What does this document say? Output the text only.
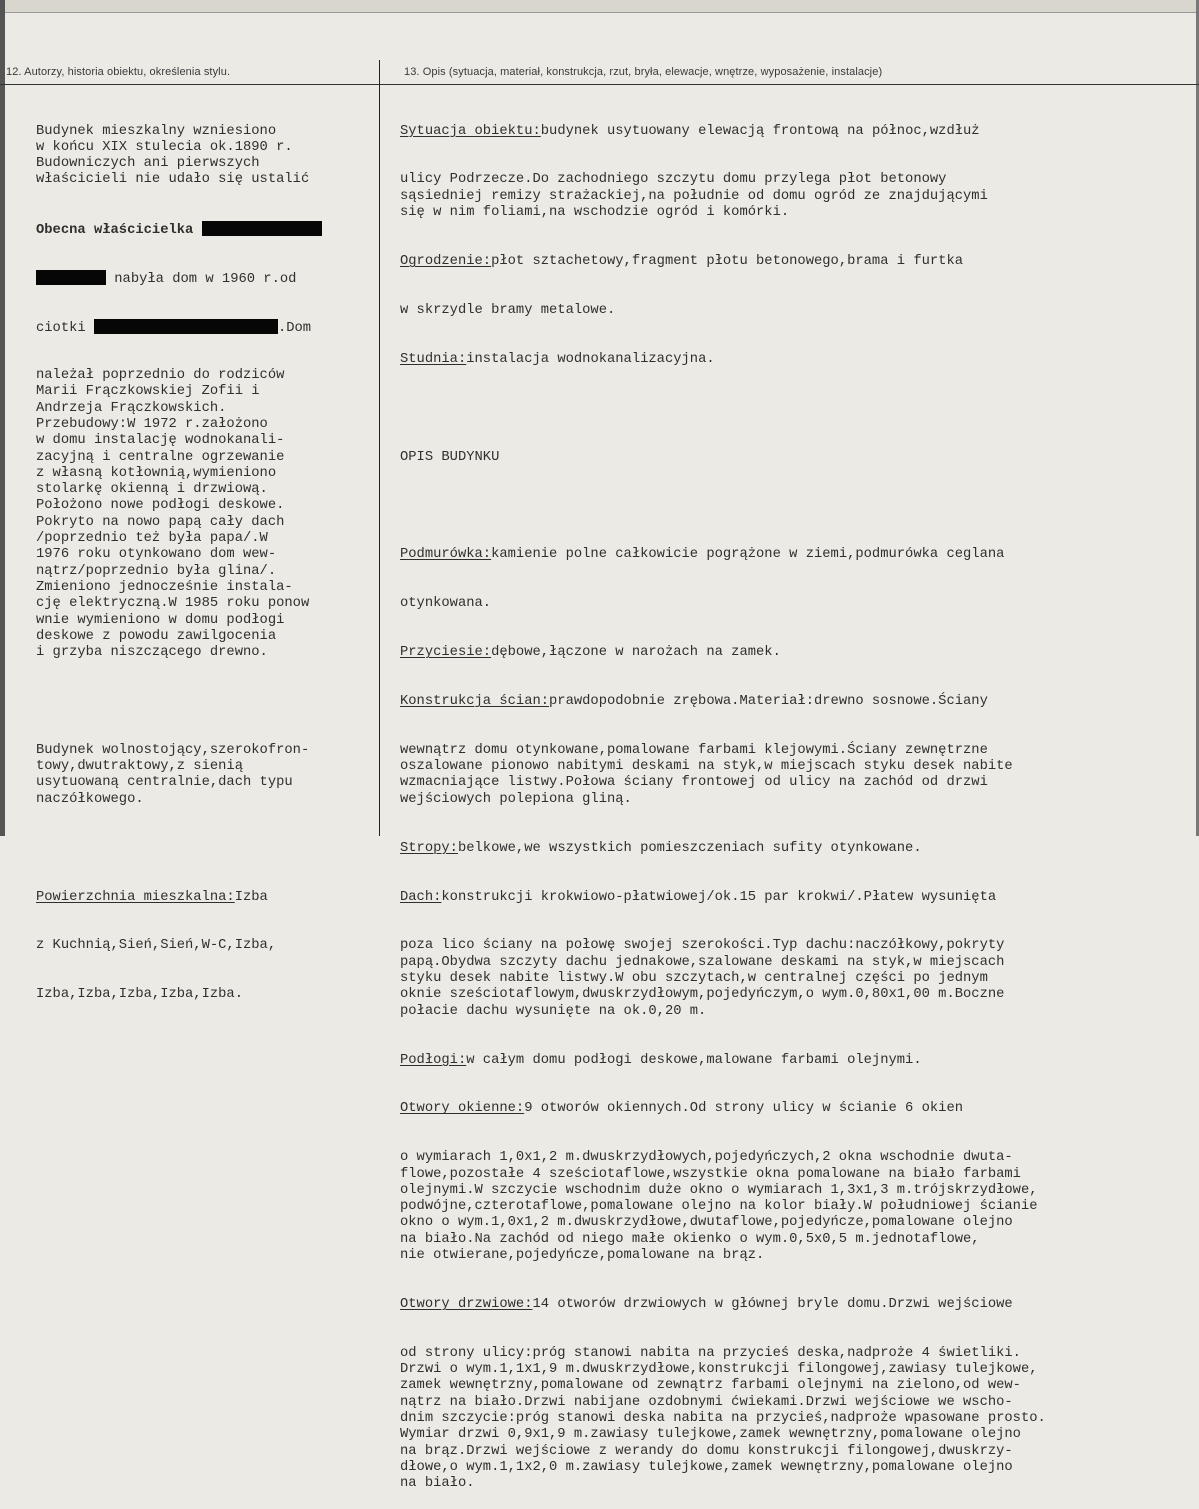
12. Autorzy, historia obiektu, określenia stylu.	13. Opis (sytuacja, materiał, konstrukcja, rzut, bryła, elewacje, wnętrze, wyposażenie, instalacje)

Budynek mieszkalny wzniesiono
w końcu XIX stulecia ok.1890 r.
Budowniczych ani pierwszych
właścicieli nie udało się ustalić

Obecna właścicielka

nabyła dom w 1960 r.od

ciotki	.Dom

należał poprzednio do rodziców
Marii Frączkowskiej Zofii i
Andrzeja Frączkowskich.
Przebudowy:W 1972 r.założono
w domu instalację wodnokanali-
zacyjną i centralne ogrzewanie
z własną kotłownią,wymieniono
stolarkę okienną i drzwiową.
Położono nowe podłogi deskowe.
Pokryto na nowo papą cały dach
/poprzednio też była papa/.W
1976 roku otynkowano dom wew-
nątrz/poprzednio była glina/.
Zmieniono jednocześnie instala-
cję elektryczną.W 1985 roku ponow
wnie wymieniono w domu podłogi
deskowe z powodu zawilgocenia
i grzyba niszczącego drewno.

Budynek wolnostojący,szerokofron-
towy,dwutraktowy,z sienią
usytuowaną centralnie,dach typu
naczółkowego.

Powierzchnia mieszkalna:Izba

z Kuchnią,Sień,Sień,W-C,Izba,

Izba,Izba,Izba,Izba,Izba.

Sytuacja obiektu:budynek usytuowany elewacją frontową na północ,wzdłuż

ulicy Podrzecze.Do zachodniego szczytu domu przylega płot betonowy
sąsiedniej remizy strażackiej,na południe od domu ogród ze znajdującymi
się w nim foliami,na wschodzie ogród i komórki.

Ogrodzenie:płot sztachetowy,fragment płotu betonowego,brama i furtka

w skrzydle bramy metalowe.

Studnia:instalacja wodnokanalizacyjna.

OPIS BUDYNKU

Podmurówka:kamienie polne całkowicie pogrążone w ziemi,podmurówka ceglana

otynkowana.

Przyciesie:dębowe,łączone w narożach na zamek.

Konstrukcja ścian:prawdopodobnie zrębowa.Materiał:drewno sosnowe.Ściany

wewnątrz domu otynkowane,pomalowane farbami klejowymi.Ściany zewnętrzne
oszalowane pionowo nabitymi deskami na styk,w miejscach styku desek nabite
wzmacniające listwy.Połowa ściany frontowej od ulicy na zachód od drzwi
wejściowych polepiona gliną.

Stropy:belkowe,we wszystkich pomieszczeniach sufity otynkowane.

Dach:konstrukcji krokwiowo-płatwiowej/ok.15 par krokwi/.Płatew wysunięta

poza lico ściany na połowę swojej szerokości.Typ dachu:naczółkowy,pokryty
papą.Obydwa szczyty dachu jednakowe,szalowane deskami na styk,w miejscach
styku desek nabite listwy.W obu szczytach,w centralnej części po jednym
oknie sześciotaflowym,dwuskrzydłowym,pojedyńczym,o wym.0,80x1,00 m.Boczne
połacie dachu wysunięte na ok.0,20 m.

Podłogi:w całym domu podłogi deskowe,malowane farbami olejnymi.

Otwory okienne:9 otworów okiennych.Od strony ulicy w ścianie 6 okien

o wymiarach 1,0x1,2 m.dwuskrzydłowych,pojedyńczych,2 okna wschodnie dwuta-
flowe,pozostałe 4 sześciotaflowe,wszystkie okna pomalowane na biało farbami
olejnymi.W szczycie wschodnim duże okno o wymiarach 1,3x1,3 m.trójskrzydłowe,
podwójne,czterotaflowe,pomalowane olejno na kolor biały.W południowej ścianie
okno o wym.1,0x1,2 m.dwuskrzydłowe,dwutaflowe,pojedyńcze,pomalowane olejno
na biało.Na zachód od niego małe okienko o wym.0,5x0,5 m.jednotaflowe,
nie otwierane,pojedyńcze,pomalowane na brąz.

Otwory drzwiowe:14 otworów drzwiowych w głównej bryle domu.Drzwi wejściowe

od strony ulicy:próg stanowi nabita na przycieś deska,nadproże 4 świetliki.
Drzwi o wym.1,1x1,9 m.dwuskrzydłowe,konstrukcji filongowej,zawiasy tulejkowe,
zamek wewnętrzny,pomalowane od zewnątrz farbami olejnymi na zielono,od wew-
nątrz na biało.Drzwi nabijane ozdobnymi ćwiekami.Drzwi wejściowe we wscho-
dnim szczycie:próg stanowi deska nabita na przycieś,nadproże wpasowane prosto.
Wymiar drzwi 0,9x1,9 m.zawiasy tulejkowe,zamek wewnętrzny,pomalowane olejno
na brąz.Drzwi wejściowe z werandy do domu konstrukcji filongowej,dwuskrzy-
dłowe,o wym.1,1x2,0 m.zawiasy tulejkowe,zamek wewnętrzny,pomalowane olejno
na biało.
